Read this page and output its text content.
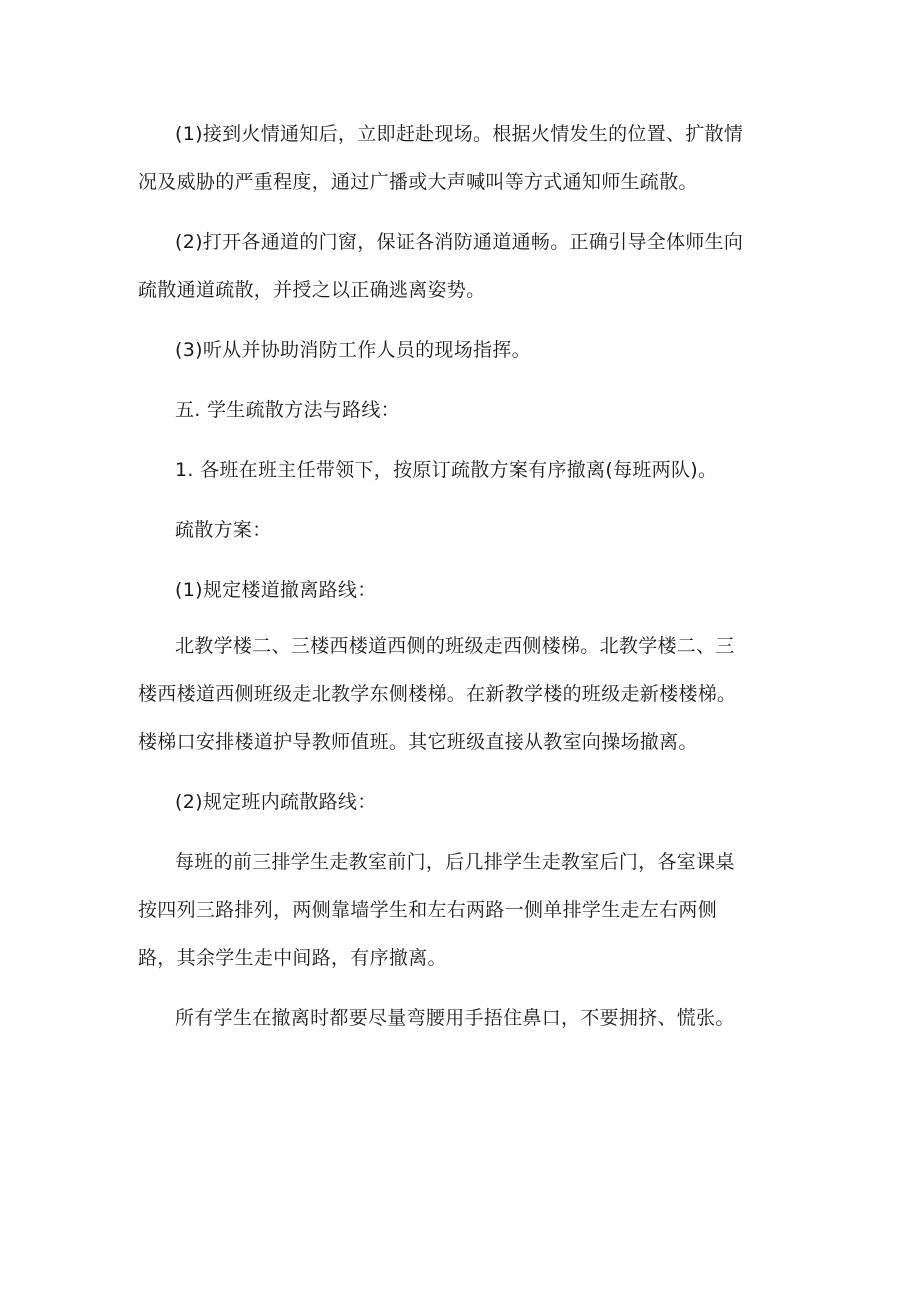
(1)接到火情通知后，立即赶赴现场。根据火情发生的位置、扩散情
况及威胁的严重程度，通过广播或大声喊叫等方式通知师生疏散。

(2)打开各通道的门窗，保证各消防通道通畅。正确引导全体师生向
疏散通道疏散，并授之以正确逃离姿势。

(3)听从并协助消防工作人员的现场指挥。

五. 学生疏散方法与路线：

1. 各班在班主任带领下，按原订疏散方案有序撤离(每班两队)。

疏散方案：

(1)规定楼道撤离路线：

北教学楼二、三楼西楼道西侧的班级走西侧楼梯。北教学楼二、三
楼西楼道西侧班级走北教学东侧楼梯。在新教学楼的班级走新楼楼梯。
楼梯口安排楼道护导教师值班。其它班级直接从教室向操场撤离。

(2)规定班内疏散路线：

每班的前三排学生走教室前门，后几排学生走教室后门，各室课桌
按四列三路排列，两侧靠墙学生和左右两路一侧单排学生走左右两侧
路，其余学生走中间路，有序撤离。

所有学生在撤离时都要尽量弯腰用手捂住鼻口，不要拥挤、慌张。
